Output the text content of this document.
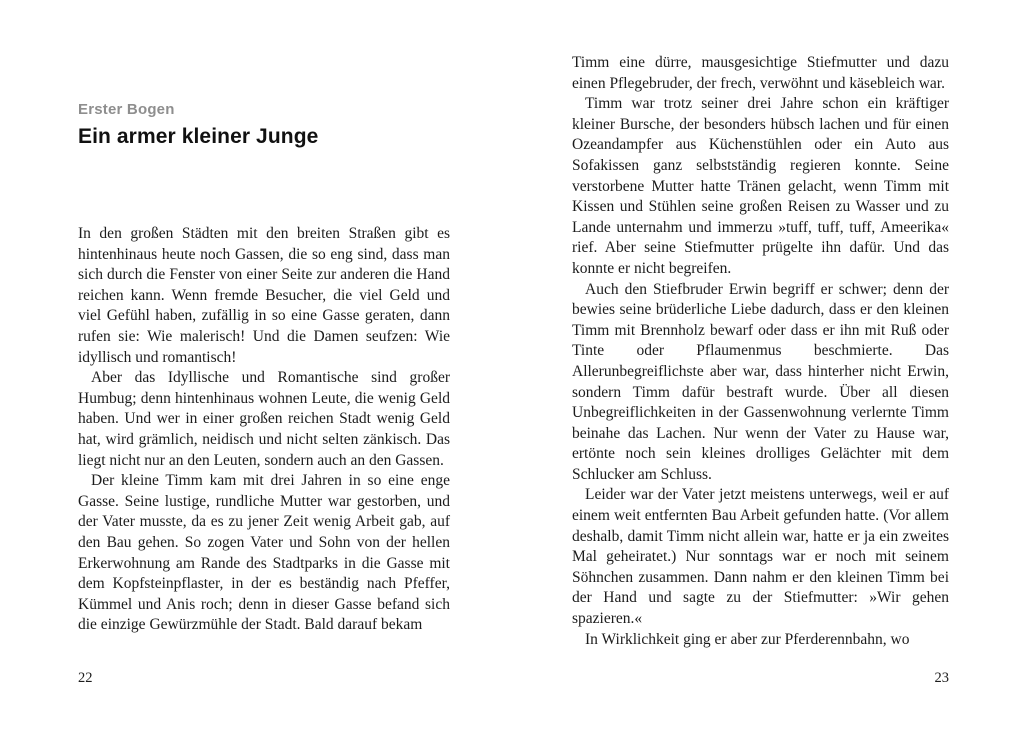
Erster Bogen
Ein armer kleiner Junge

In den großen Städten mit den breiten Straßen gibt es hintenhinaus heute noch Gassen, die so eng sind, dass man sich durch die Fenster von einer Seite zur anderen die Hand reichen kann. Wenn fremde Besucher, die viel Geld und viel Gefühl haben, zufällig in so eine Gasse geraten, dann rufen sie: Wie malerisch! Und die Damen seufzen: Wie idyllisch und romantisch!

Aber das Idyllische und Romantische sind großer Humbug; denn hintenhinaus wohnen Leute, die wenig Geld haben. Und wer in einer großen reichen Stadt wenig Geld hat, wird grämlich, neidisch und nicht selten zänkisch. Das liegt nicht nur an den Leuten, sondern auch an den Gassen.

Der kleine Timm kam mit drei Jahren in so eine enge Gasse. Seine lustige, rundliche Mutter war gestorben, und der Vater musste, da es zu jener Zeit wenig Arbeit gab, auf den Bau gehen. So zogen Vater und Sohn von der hellen Erkerwohnung am Rande des Stadtparks in die Gasse mit dem Kopfsteinpflaster, in der es beständig nach Pfeffer, Kümmel und Anis roch; denn in dieser Gasse befand sich die einzige Gewürzmühle der Stadt. Bald darauf bekam

22

Timm eine dürre, mausgesichtige Stiefmutter und dazu einen Pflegebruder, der frech, verwöhnt und käsebleich war.

Timm war trotz seiner drei Jahre schon ein kräftiger kleiner Bursche, der besonders hübsch lachen und für einen Ozeandampfer aus Küchenstühlen oder ein Auto aus Sofakissen ganz selbstständig regieren konnte. Seine verstorbene Mutter hatte Tränen gelacht, wenn Timm mit Kissen und Stühlen seine großen Reisen zu Wasser und zu Lande unternahm und immerzu »tuff, tuff, tuff, Ameerika« rief. Aber seine Stiefmutter prügelte ihn dafür. Und das konnte er nicht begreifen.

Auch den Stiefbruder Erwin begriff er schwer; denn der bewies seine brüderliche Liebe dadurch, dass er den kleinen Timm mit Brennholz bewarf oder dass er ihn mit Ruß oder Tinte oder Pflaumenmus beschmierte. Das Allerunbegreiflichste aber war, dass hinterher nicht Erwin, sondern Timm dafür bestraft wurde. Über all diesen Unbegreiflichkeiten in der Gassenwohnung verlernte Timm beinahe das Lachen. Nur wenn der Vater zu Hause war, ertönte noch sein kleines drolliges Gelächter mit dem Schlucker am Schluss.

Leider war der Vater jetzt meistens unterwegs, weil er auf einem weit entfernten Bau Arbeit gefunden hatte. (Vor allem deshalb, damit Timm nicht allein war, hatte er ja ein zweites Mal geheiratet.) Nur sonntags war er noch mit seinem Söhnchen zusammen. Dann nahm er den kleinen Timm bei der Hand und sagte zu der Stiefmutter: »Wir gehen spazieren.«

In Wirklichkeit ging er aber zur Pferderennbahn, wo

23
